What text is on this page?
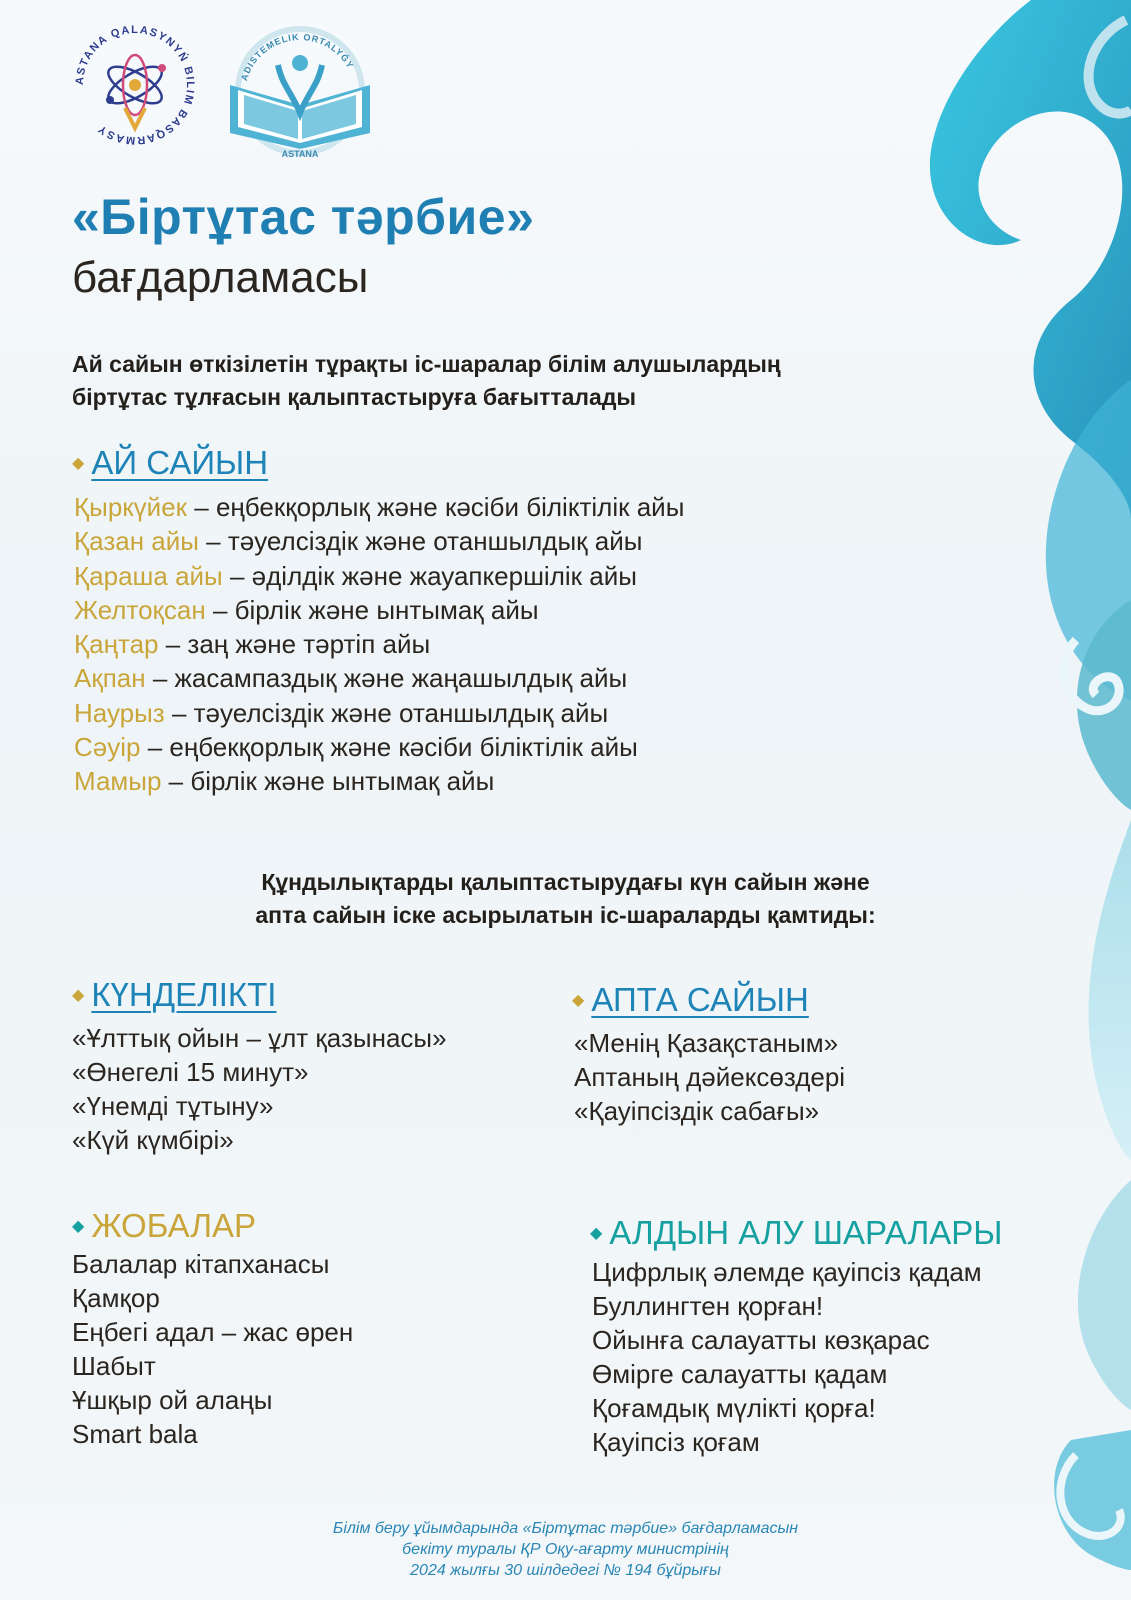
ASTANA QALASYNYŃ BILIM BASQARMASY
ADISTEMELIK ORTALYǴY
ASTANA
«Біртұтас тәрбие»
бағдарламасы
Ай сайын өткізілетін тұрақты іс-шаралар білім алушылардың
біртұтас тұлғасын қалыптастыруға бағытталады
◆ АЙ САЙЫН
Қыркүйек – еңбекқорлық және кәсіби біліктілік айы
Қазан айы – тәуелсіздік және отаншылдық айы
Қараша айы – әділдік және жауапкершілік айы
Желтоқсан – бірлік және ынтымақ айы
Қаңтар – заң және тәртіп айы
Ақпан – жасампаздық және жаңашылдық айы
Наурыз – тәуелсіздік және отаншылдық айы
Сәуір – еңбекқорлық және кәсіби біліктілік айы
Мамыр – бірлік және ынтымақ айы
Құндылықтарды қалыптастырудағы күн сайын және
апта сайын іске асырылатын іс-шараларды қамтиды:
◆ КҮНДЕЛІКТІ
«Ұлттық ойын – ұлт қазынасы»
«Өнегелі 15 минут»
«Үнемді тұтыну»
«Күй күмбірі»
◆ АПТА САЙЫН
«Менің Қазақстаным»
Аптаның дәйексөздері
«Қауіпсіздік сабағы»
◆ ЖОБАЛАР
Балалар кітапханасы
Қамқор
Еңбегі адал – жас өрен
Шабыт
Ұшқыр ой алаңы
Smart bala
◆ АЛДЫН АЛУ ШАРАЛАРЫ
Цифрлық әлемде қауіпсіз қадам
Буллингтен қорған!
Ойынға салауатты көзқарас
Өмірге салауатты қадам
Қоғамдық мүлікті қорға!
Қауіпсіз қоғам
Білім беру ұйымдарында «Біртұтас тәрбие» бағдарламасын
бекіту туралы ҚР Оқу-ағарту министрінің
2024 жылғы 30 шілдедегі № 194 бұйрығы
